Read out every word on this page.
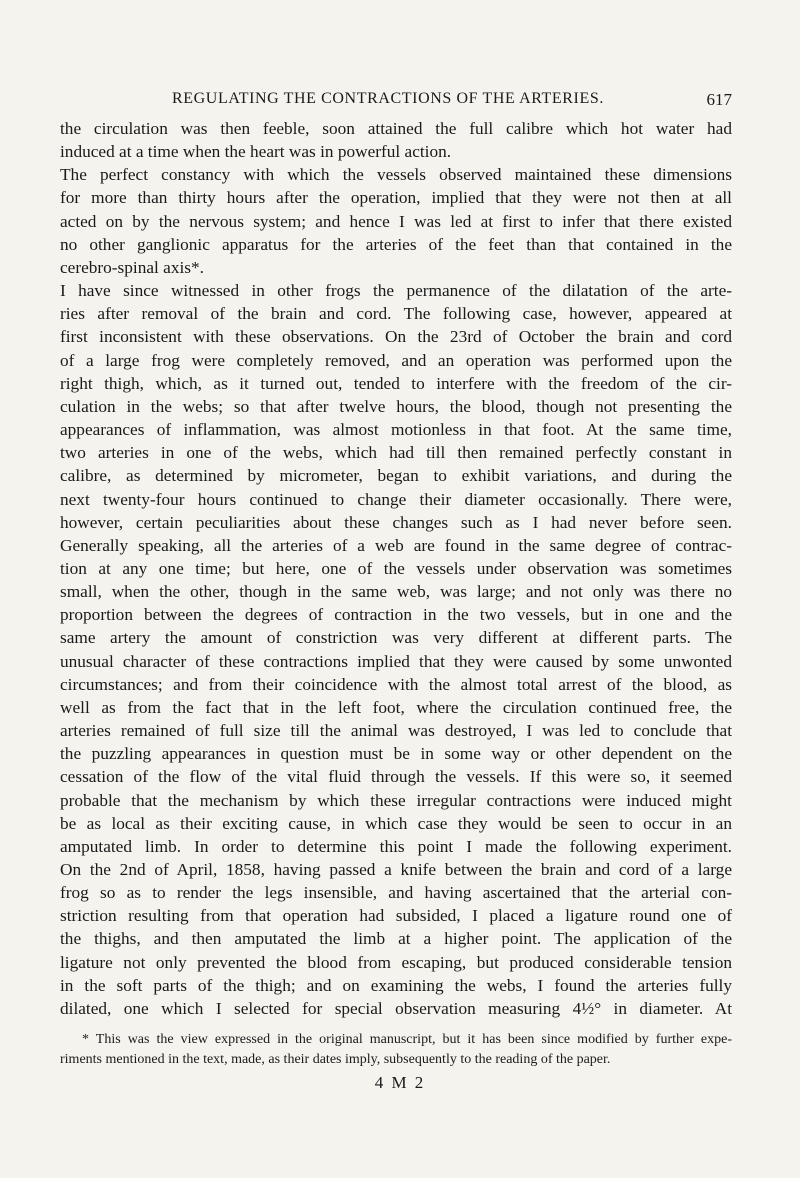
REGULATING THE CONTRACTIONS OF THE ARTERIES.	617
the circulation was then feeble, soon attained the full calibre which hot water had
induced at a time when the heart was in powerful action.
The perfect constancy with which the vessels observed maintained these dimensions
for more than thirty hours after the operation, implied that they were not then at all
acted on by the nervous system; and hence I was led at first to infer that there existed
no other ganglionic apparatus for the arteries of the feet than that contained in the
cerebro-spinal axis*.
I have since witnessed in other frogs the permanence of the dilatation of the arte-
ries after removal of the brain and cord. The following case, however, appeared at
first inconsistent with these observations. On the 23rd of October the brain and cord
of a large frog were completely removed, and an operation was performed upon the
right thigh, which, as it turned out, tended to interfere with the freedom of the cir-
culation in the webs; so that after twelve hours, the blood, though not presenting the
appearances of inflammation, was almost motionless in that foot. At the same time,
two arteries in one of the webs, which had till then remained perfectly constant in
calibre, as determined by micrometer, began to exhibit variations, and during the
next twenty-four hours continued to change their diameter occasionally. There were,
however, certain peculiarities about these changes such as I had never before seen.
Generally speaking, all the arteries of a web are found in the same degree of contrac-
tion at any one time; but here, one of the vessels under observation was sometimes
small, when the other, though in the same web, was large; and not only was there no
proportion between the degrees of contraction in the two vessels, but in one and the
same artery the amount of constriction was very different at different parts. The
unusual character of these contractions implied that they were caused by some unwonted
circumstances; and from their coincidence with the almost total arrest of the blood, as
well as from the fact that in the left foot, where the circulation continued free, the
arteries remained of full size till the animal was destroyed, I was led to conclude that
the puzzling appearances in question must be in some way or other dependent on the
cessation of the flow of the vital fluid through the vessels. If this were so, it seemed
probable that the mechanism by which these irregular contractions were induced might
be as local as their exciting cause, in which case they would be seen to occur in an
amputated limb. In order to determine this point I made the following experiment.
On the 2nd of April, 1858, having passed a knife between the brain and cord of a large
frog so as to render the legs insensible, and having ascertained that the arterial con-
striction resulting from that operation had subsided, I placed a ligature round one of
the thighs, and then amputated the limb at a higher point. The application of the
ligature not only prevented the blood from escaping, but produced considerable tension
in the soft parts of the thigh; and on examining the webs, I found the arteries fully
dilated, one which I selected for special observation measuring 4½° in diameter. At
* This was the view expressed in the original manuscript, but it has been since modified by further expe-
riments mentioned in the text, made, as their dates imply, subsequently to the reading of the paper.
4 M 2
